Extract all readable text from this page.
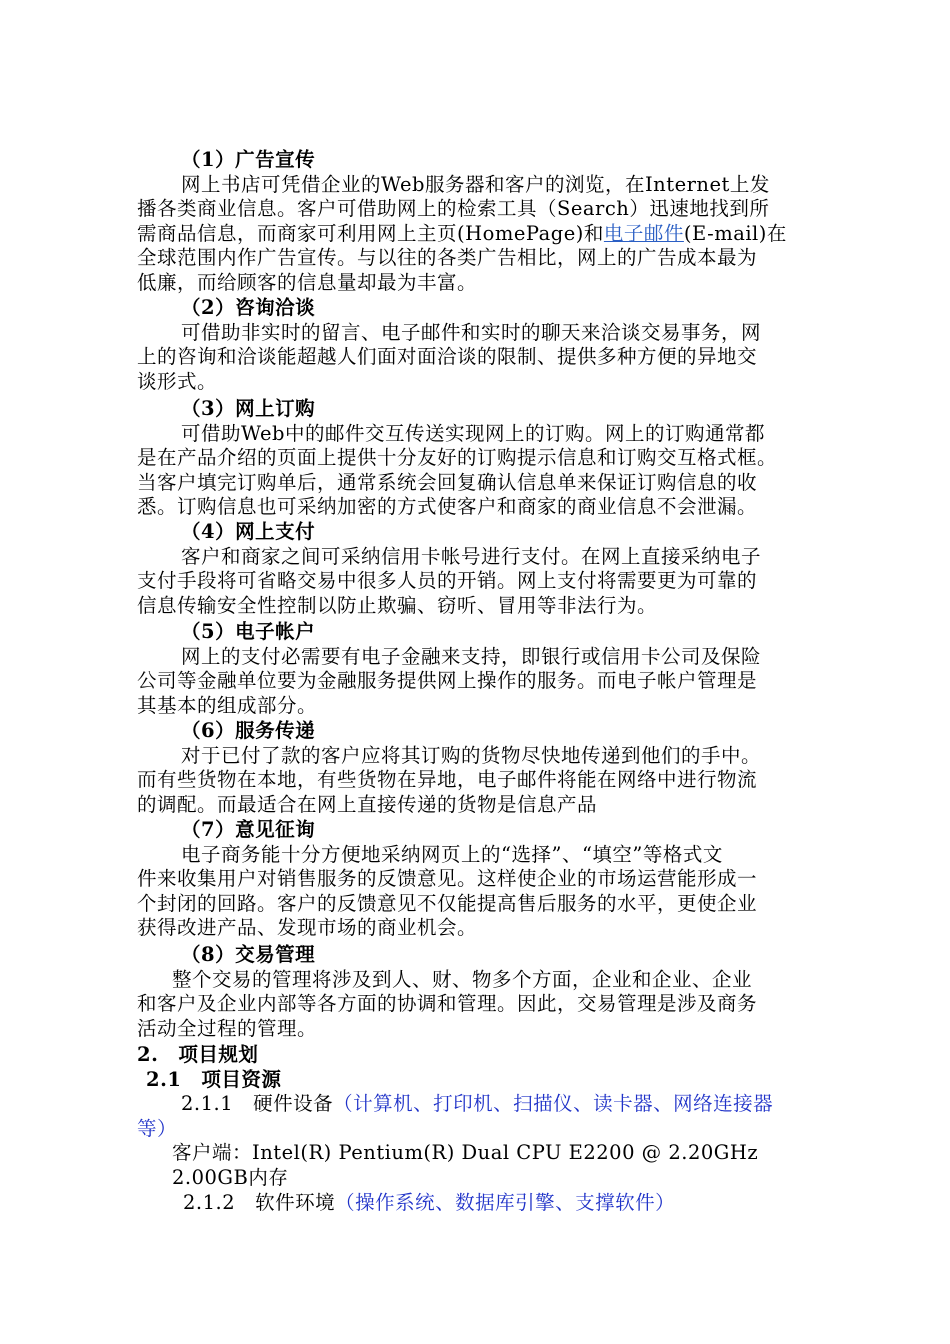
（1）广告宣传
网上书店可凭借企业的Web服务器和客户的浏览，在Internet上发
播各类商业信息。客户可借助网上的检索工具（Search）迅速地找到所
需商品信息，而商家可利用网上主页(HomePage)和电子邮件(E-mail)在
全球范围内作广告宣传。与以往的各类广告相比，网上的广告成本最为
低廉，而给顾客的信息量却最为丰富。
（2）咨询洽谈
可借助非实时的留言、电子邮件和实时的聊天来洽谈交易事务，网
上的咨询和洽谈能超越人们面对面洽谈的限制、提供多种方便的异地交
谈形式。
（3）网上订购
可借助Web中的邮件交互传送实现网上的订购。网上的订购通常都
是在产品介绍的页面上提供十分友好的订购提示信息和订购交互格式框。
当客户填完订购单后，通常系统会回复确认信息单来保证订购信息的收
悉。订购信息也可采纳加密的方式使客户和商家的商业信息不会泄漏。
（4）网上支付
客户和商家之间可采纳信用卡帐号进行支付。在网上直接采纳电子
支付手段将可省略交易中很多人员的开销。网上支付将需要更为可靠的
信息传输安全性控制以防止欺骗、窃听、冒用等非法行为。
（5）电子帐户
网上的支付必需要有电子金融来支持，即银行或信用卡公司及保险
公司等金融单位要为金融服务提供网上操作的服务。而电子帐户管理是
其基本的组成部分。
（6）服务传递
对于已付了款的客户应将其订购的货物尽快地传递到他们的手中。
而有些货物在本地，有些货物在异地，电子邮件将能在网络中进行物流
的调配。而最适合在网上直接传递的货物是信息产品
（7）意见征询
电子商务能十分方便地采纳网页上的“选择”、“填空”等格式文
件来收集用户对销售服务的反馈意见。这样使企业的市场运营能形成一
个封闭的回路。客户的反馈意见不仅能提高售后服务的水平，更使企业
获得改进产品、发现市场的商业机会。
（8）交易管理
整个交易的管理将涉及到人、财、物多个方面，企业和企业、企业
和客户及企业内部等各方面的协调和管理。因此，交易管理是涉及商务
活动全过程的管理。
2.　项目规划
2.1　项目资源
2.1.1　硬件设备（计算机、打印机、扫描仪、读卡器、网络连接器
等）
客户端：Intel(R) Pentium(R) Dual CPU E2200 @ 2.20GHz
2.00GB内存
2.1.2　软件环境（操作系统、数据库引擎、支撑软件）
